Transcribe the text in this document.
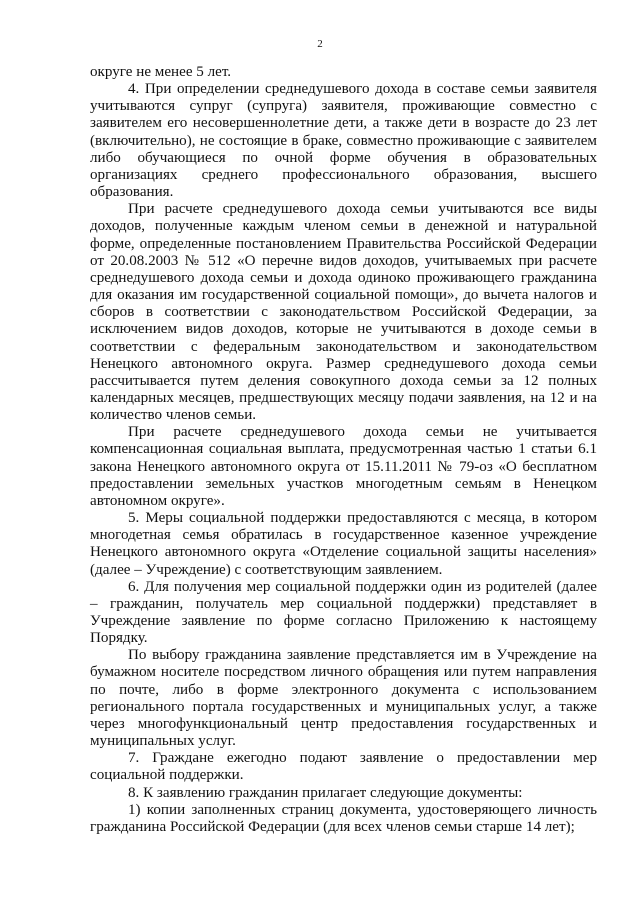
2

округе не менее 5 лет.

4. При определении среднедушевого дохода в составе семьи заявителя учитываются супруг (супруга) заявителя, проживающие совместно с заявителем его несовершеннолетние дети, а также дети в возрасте до 23 лет (включительно), не состоящие в браке, совместно проживающие с заявителем либо обучающиеся по очной форме обучения в образовательных организациях среднего профессионального образования, высшего образования.

При расчете среднедушевого дохода семьи учитываются все виды доходов, полученные каждым членом семьи в денежной и натуральной форме, определенные постановлением Правительства Российской Федерации от 20.08.2003 № 512 «О перечне видов доходов, учитываемых при расчете среднедушевого дохода семьи и дохода одиноко проживающего гражданина для оказания им государственной социальной помощи», до вычета налогов и сборов в соответствии с законодательством Российской Федерации, за исключением видов доходов, которые не учитываются в доходе семьи в соответствии с федеральным законодательством и законодательством Ненецкого автономного округа. Размер среднедушевого дохода семьи рассчитывается путем деления совокупного дохода семьи за 12 полных календарных месяцев, предшествующих месяцу подачи заявления, на 12 и на количество членов семьи.

При расчете среднедушевого дохода семьи не учитывается компенсационная социальная выплата, предусмотренная частью 1 статьи 6.1 закона Ненецкого автономного округа от 15.11.2011 № 79-оз «О бесплатном предоставлении земельных участков многодетным семьям в Ненецком автономном округе».

5. Меры социальной поддержки предоставляются с месяца, в котором многодетная семья обратилась в государственное казенное учреждение Ненецкого автономного округа «Отделение социальной защиты населения» (далее – Учреждение) с соответствующим заявлением.

6. Для получения мер социальной поддержки один из родителей (далее – гражданин, получатель мер социальной поддержки) представляет в Учреждение заявление по форме согласно Приложению к настоящему Порядку.

По выбору гражданина заявление представляется им в Учреждение на бумажном носителе посредством личного обращения или путем направления по почте, либо в форме электронного документа с использованием регионального портала государственных и муниципальных услуг, а также через многофункциональный центр предоставления государственных и муниципальных услуг.

7. Граждане ежегодно подают заявление о предоставлении мер социальной поддержки.

8. К заявлению гражданин прилагает следующие документы:

1) копии заполненных страниц документа, удостоверяющего личность гражданина Российской Федерации (для всех членов семьи старше 14 лет);
